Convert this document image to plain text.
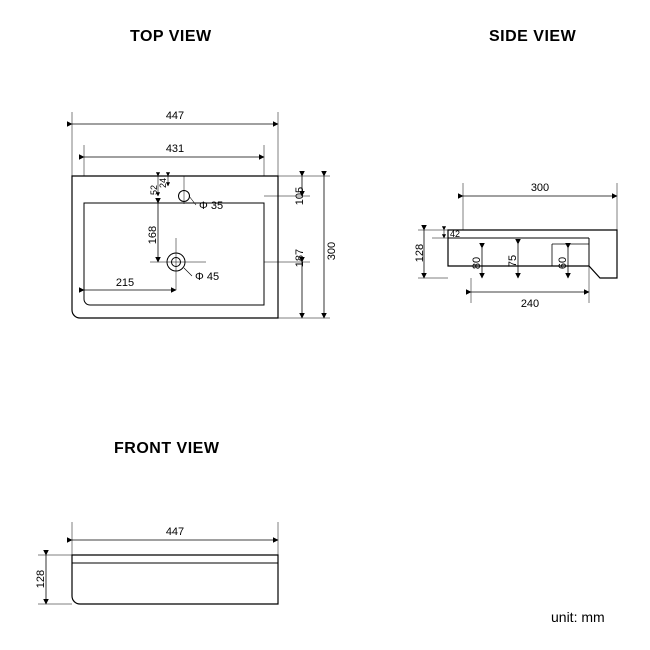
TOP VIEW	SIDE VIEW
FRONT VIEW
unit: mm
447
431
300
187
105
168
52
24
Φ 35
Φ 45
215
300
128
42
80 75	60
240
447
128
